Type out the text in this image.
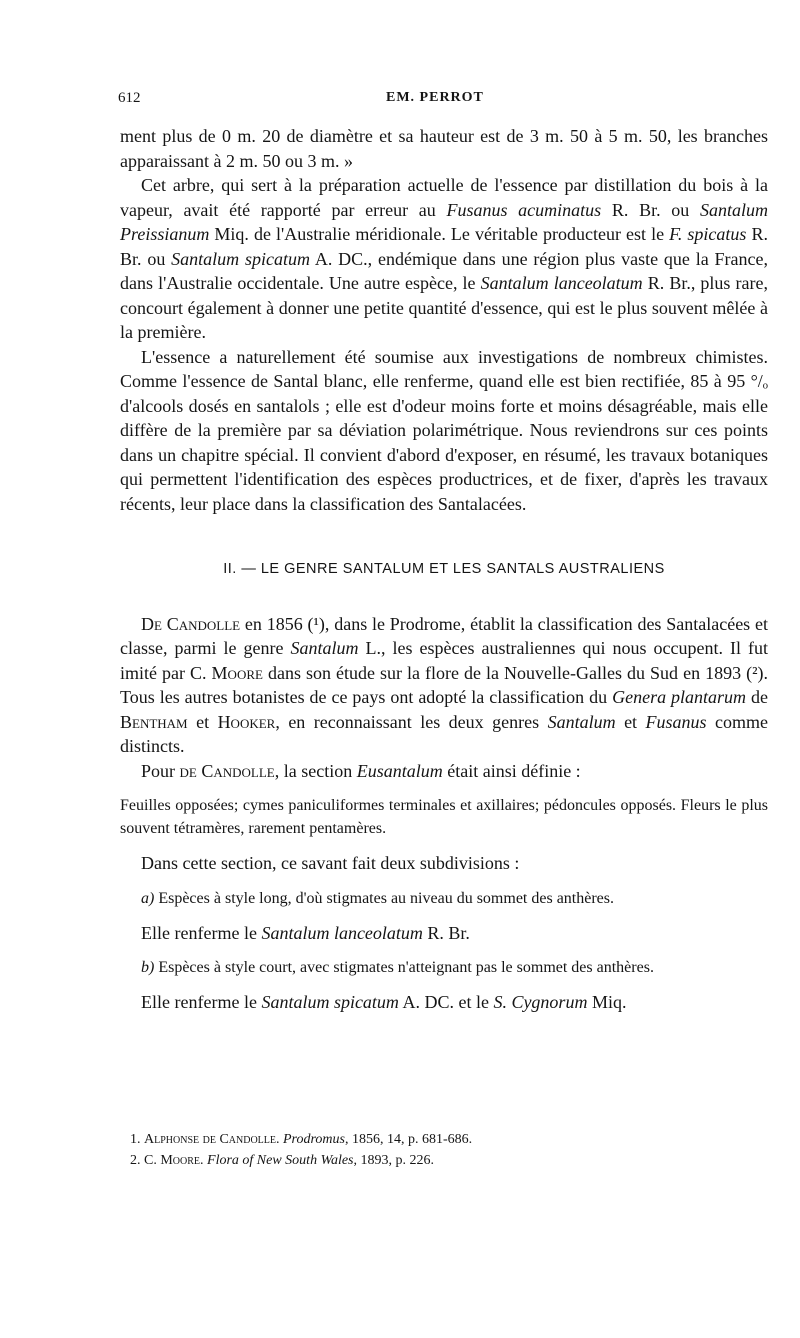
612	EM. PERROT

ment plus de 0 m. 20 de diamètre et sa hauteur est de 3 m. 50 à 5 m. 50, les branches apparaissant à 2 m. 50 ou 3 m. »

Cet arbre, qui sert à la préparation actuelle de l'essence par distillation du bois à la vapeur, avait été rapporté par erreur au Fusanus acuminatus R. Br. ou Santalum Preissianum Miq. de l'Australie méridionale. Le véritable producteur est le F. spicatus R. Br. ou Santalum spicatum A. DC., endémique dans une région plus vaste que la France, dans l'Australie occidentale. Une autre espèce, le Santalum lanceolatum R. Br., plus rare, concourt également à donner une petite quantité d'essence, qui est le plus souvent mêlée à la première.

L'essence a naturellement été soumise aux investigations de nombreux chimistes. Comme l'essence de Santal blanc, elle renferme, quand elle est bien rectifiée, 85 à 95 °/ₒ d'alcools dosés en santalols ; elle est d'odeur moins forte et moins désagréable, mais elle diffère de la première par sa déviation polarimétrique. Nous reviendrons sur ces points dans un chapitre spécial. Il convient d'abord d'exposer, en résumé, les travaux botaniques qui permettent l'identification des espèces productrices, et de fixer, d'après les travaux récents, leur place dans la classification des Santalacées.

II. — LE GENRE SANTALUM ET LES SANTALS AUSTRALIENS

De Candolle en 1856 (¹), dans le Prodrome, établit la classification des Santalacées et classe, parmi le genre Santalum L., les espèces australiennes qui nous occupent. Il fut imité par C. Moore dans son étude sur la flore de la Nouvelle-Galles du Sud en 1893 (²). Tous les autres botanistes de ce pays ont adopté la classification du Genera plantarum de Bentham et Hooker, en reconnaissant les deux genres Santalum et Fusanus comme distincts.

Pour de Candolle, la section Eusantalum était ainsi définie :

Feuilles opposées; cymes paniculiformes terminales et axillaires; pédoncules opposés. Fleurs le plus souvent tétramères, rarement pentamères.

Dans cette section, ce savant fait deux subdivisions :

a) Espèces à style long, d'où stigmates au niveau du sommet des anthères.

Elle renferme le Santalum lanceolatum R. Br.

b) Espèces à style court, avec stigmates n'atteignant pas le sommet des anthères.

Elle renferme le Santalum spicatum A. DC. et le S. Cygnorum Miq.

1. Alphonse de Candolle. Prodromus, 1856, 14, p. 681-686.

2. C. Moore. Flora of New South Wales, 1893, p. 226.
